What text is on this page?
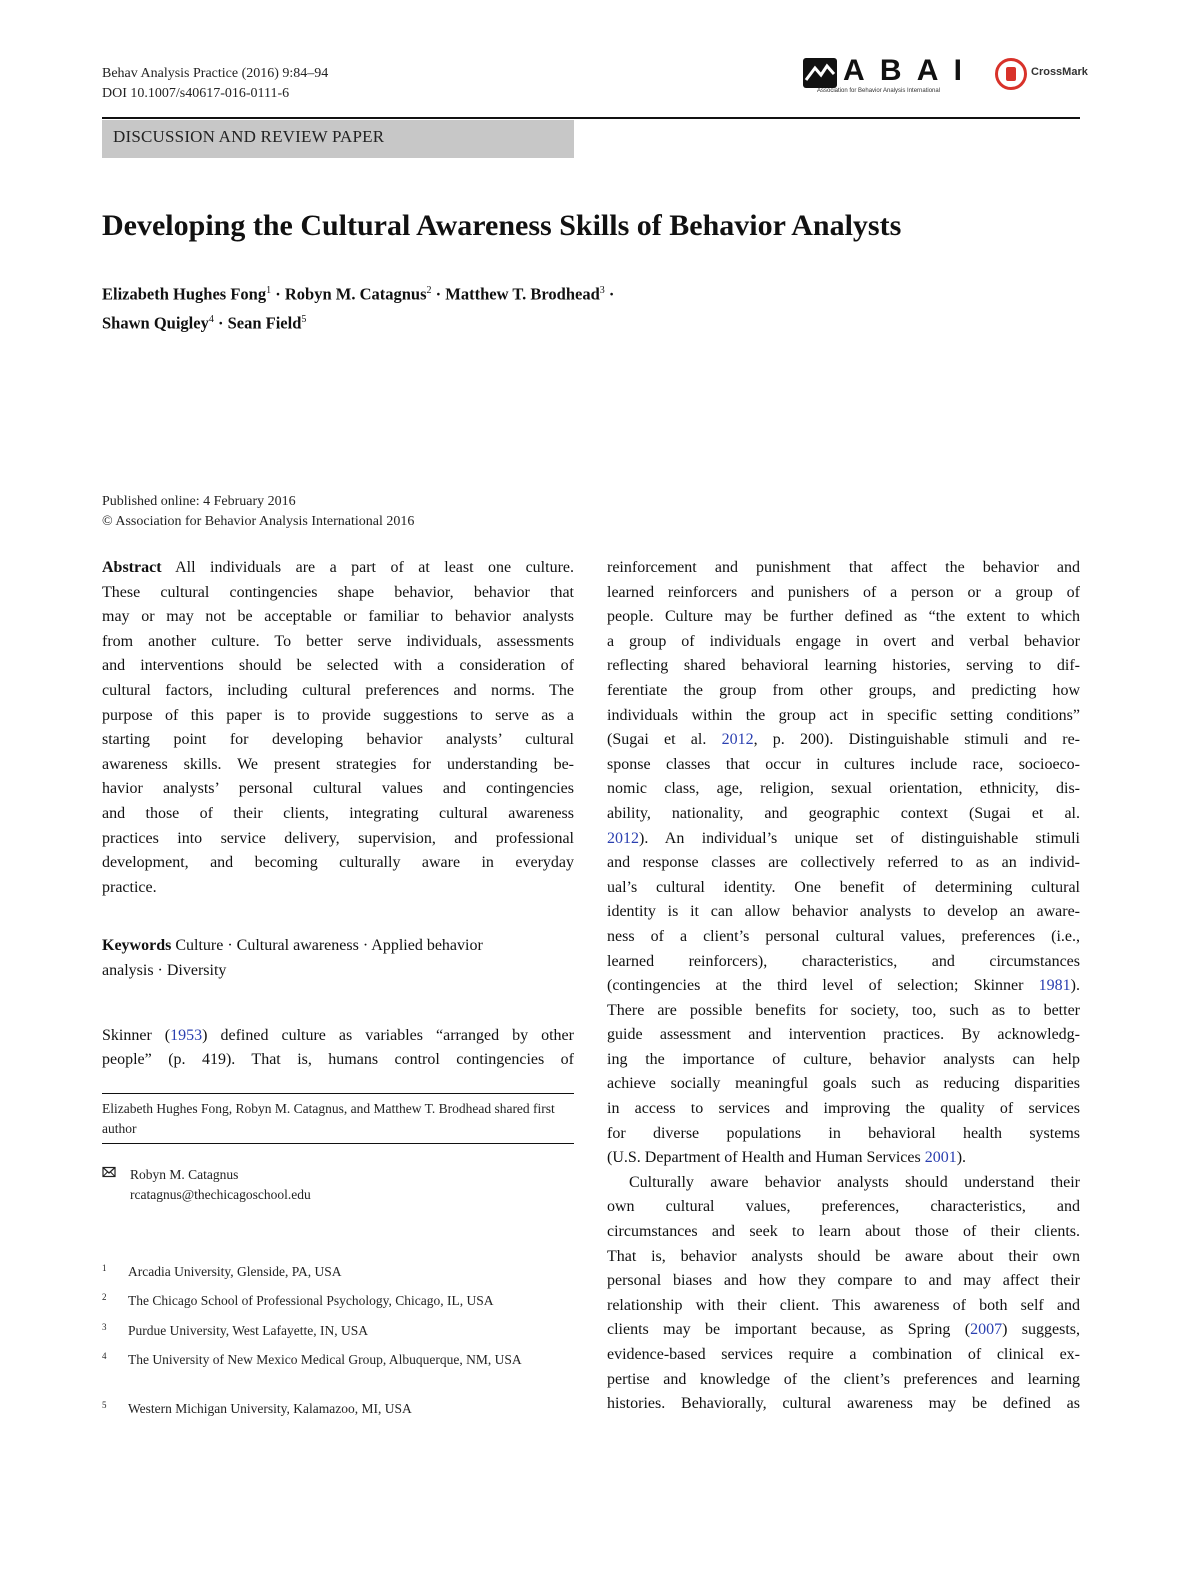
Behav Analysis Practice (2016) 9:84–94
DOI 10.1007/s40617-016-0111-6
A B A I
Association for Behavior Analysis International
CrossMark
DISCUSSION AND REVIEW PAPER
Developing the Cultural Awareness Skills of Behavior Analysts
Elizabeth Hughes Fong$^1$ · Robyn M. Catagnus$^2$ · Matthew T. Brodhead$^3$ ·
Shawn Quigley$^4$ · Sean Field$^5$
Published online: 4 February 2016
© Association for Behavior Analysis International 2016
Abstract All individuals are a part of at least one culture.
These cultural contingencies shape behavior, behavior that
may or may not be acceptable or familiar to behavior analysts
from another culture. To better serve individuals, assessments
and interventions should be selected with a consideration of
cultural factors, including cultural preferences and norms. The
purpose of this paper is to provide suggestions to serve as a
starting point for developing behavior analysts’ cultural
awareness skills. We present strategies for understanding be-
havior analysts’ personal cultural values and contingencies
and those of their clients, integrating cultural awareness
practices into service delivery, supervision, and professional
development, and becoming culturally aware in everyday
practice.
Keywords Culture · Cultural awareness · Applied behavior
analysis · Diversity
Skinner (1953) defined culture as variables “arranged by other
people” (p. 419). That is, humans control contingencies of
Elizabeth Hughes Fong, Robyn M. Catagnus, and Matthew T. Brodhead shared first author
Robyn M. Catagnus
rcatagnus@thechicagoschool.edu
1 Arcadia University, Glenside, PA, USA
2 The Chicago School of Professional Psychology, Chicago, IL, USA
3 Purdue University, West Lafayette, IN, USA
4 The University of New Mexico Medical Group, Albuquerque, NM, USA
5 Western Michigan University, Kalamazoo, MI, USA
reinforcement and punishment that affect the behavior and
learned reinforcers and punishers of a person or a group of
people. Culture may be further defined as “the extent to which
a group of individuals engage in overt and verbal behavior
reflecting shared behavioral learning histories, serving to dif-
ferentiate the group from other groups, and predicting how
individuals within the group act in specific setting conditions”
(Sugai et al. 2012, p. 200). Distinguishable stimuli and re-
sponse classes that occur in cultures include race, socioeco-
nomic class, age, religion, sexual orientation, ethnicity, dis-
ability, nationality, and geographic context (Sugai et al.
2012). An individual’s unique set of distinguishable stimuli
and response classes are collectively referred to as an individ-
ual’s cultural identity. One benefit of determining cultural
identity is it can allow behavior analysts to develop an aware-
ness of a client’s personal cultural values, preferences (i.e.,
learned reinforcers), characteristics, and circumstances
(contingencies at the third level of selection; Skinner 1981).
There are possible benefits for society, too, such as to better
guide assessment and intervention practices. By acknowledg-
ing the importance of culture, behavior analysts can help
achieve socially meaningful goals such as reducing disparities
in access to services and improving the quality of services
for diverse populations in behavioral health systems
(U.S. Department of Health and Human Services 2001).
Culturally aware behavior analysts should understand their
own cultural values, preferences, characteristics, and
circumstances and seek to learn about those of their clients.
That is, behavior analysts should be aware about their own
personal biases and how they compare to and may affect their
relationship with their client. This awareness of both self and
clients may be important because, as Spring (2007) suggests,
evidence-based services require a combination of clinical ex-
pertise and knowledge of the client’s preferences and learning
histories. Behaviorally, cultural awareness may be defined as
